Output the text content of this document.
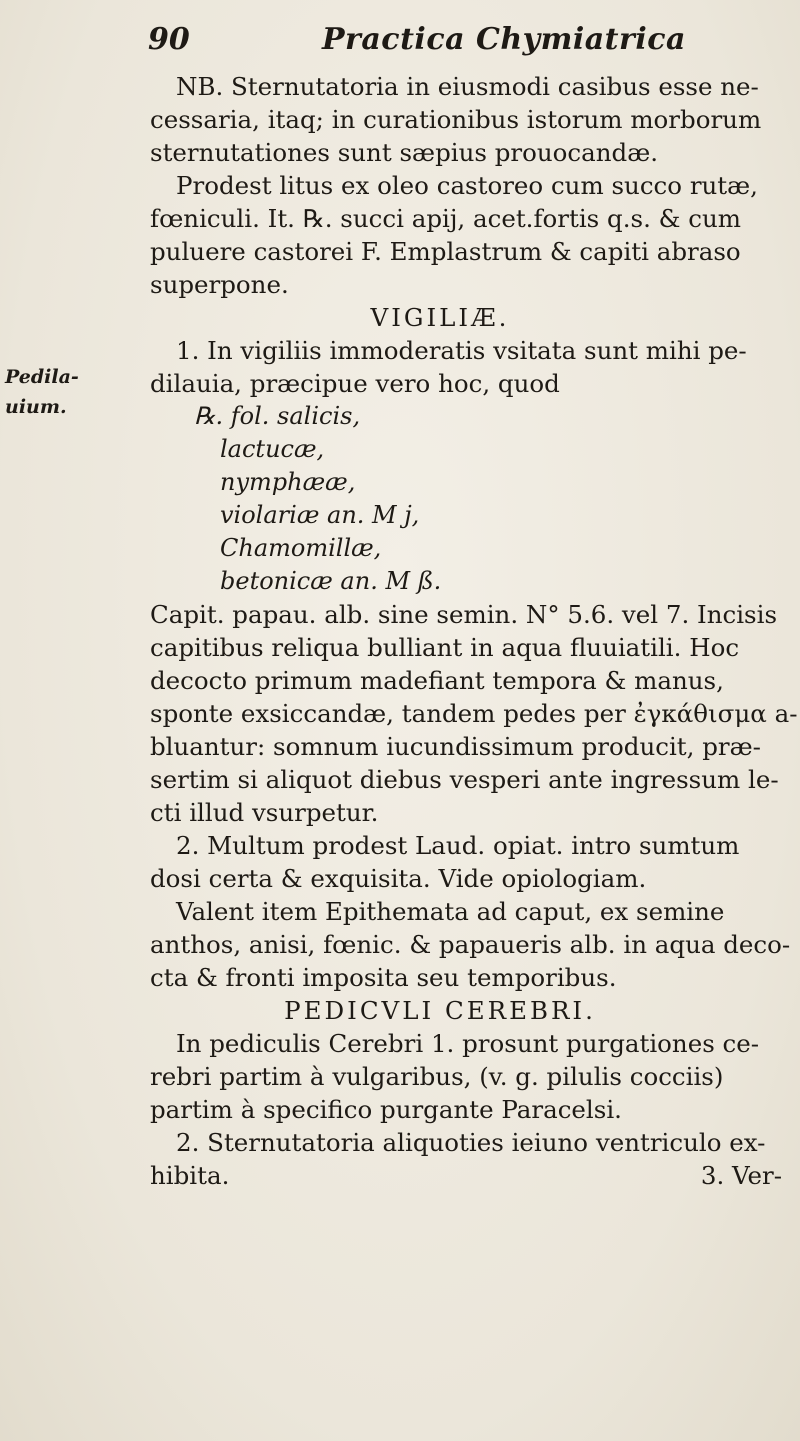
90	Practica Chymiatrica
Pedila-
uium.
NB. Sternutatoria in eiusmodi casibus esse ne-
cessaria, itaq; in curationibus istorum morborum
sternutationes sunt sæpius prouocandæ.
Prodest litus ex oleo castoreo cum succo rutæ,
fœniculi. It. ℞. succi apij, acet.fortis q.s. & cum
puluere castorei F. Emplastrum & capiti abraso
superpone.
VIGILIÆ.
1. In vigiliis immoderatis vsitata sunt mihi pe-
dilauia, præcipue vero hoc, quod
℞. fol. salicis,
lactucæ,
nymphææ,
violariæ an. M j,
Chamomillæ,
betonicæ an. M ß.
Capit. papau. alb. sine semin. N° 5.6. vel 7. Incisis
capitibus reliqua bulliant in aqua fluuiatili. Hoc
decocto primum madefiant tempora & manus,
sponte exsiccandæ, tandem pedes per ἐγκάθισμα a-
bluantur: somnum iucundissimum producit, præ-
sertim si aliquot diebus vesperi ante ingressum le-
cti illud vsurpetur.
2. Multum prodest Laud. opiat. intro sumtum
dosi certa & exquisita. Vide opiologiam.
Valent item Epithemata ad caput, ex semine
anthos, anisi, fœnic. & papaueris alb. in aqua deco-
cta & fronti imposita seu temporibus.
PEDICVLI CEREBRI.
In pediculis Cerebri 1. prosunt purgationes ce-
rebri partim à vulgaribus, (v. g. pilulis cocciis)
partim à specifico purgante Paracelsi.
2. Sternutatoria aliquoties ieiuno ventriculo ex-
hibita.	3. Ver-
